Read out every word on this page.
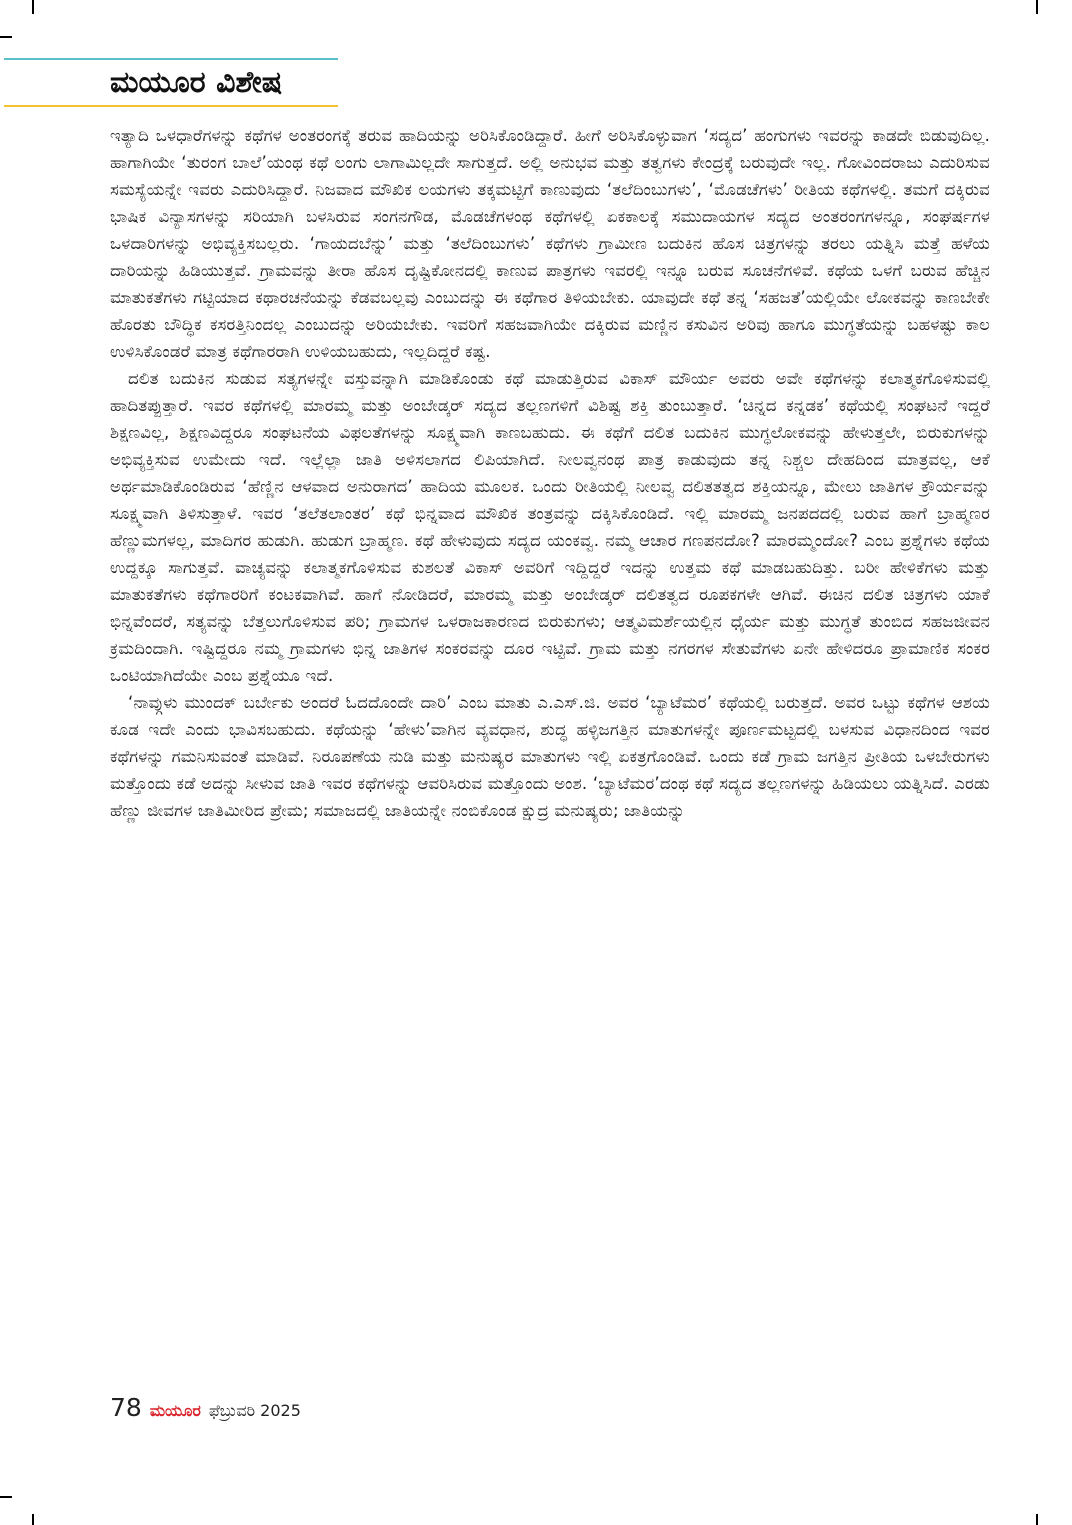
ಮಯೂರ ವಿಶೇಷ

ಇತ್ಯಾದಿ ಒಳಧಾರೆಗಳನ್ನು ಕಥೆಗಳ ಅಂತರಂಗಕ್ಕೆ ತರುವ ಹಾದಿಯನ್ನು ಅರಿಸಿಕೊಂಡಿದ್ದಾರೆ. ಹೀಗೆ ಅರಿಸಿಕೊಳ್ಳುವಾಗ ‘ಸದ್ಯದ’ ಹಂಗುಗಳು ಇವರನ್ನು ಕಾಡದೇ ಬಿಡುವುದಿಲ್ಲ. ಹಾಗಾಗಿಯೇ ‘ತುರಂಗ ಬಾಲೆ’ಯಂಥ ಕಥೆ ಲಂಗು ಲಾಗಾಮಿಲ್ಲದೇ ಸಾಗುತ್ತದೆ. ಅಲ್ಲಿ ಅನುಭವ ಮತ್ತು ತತ್ವಗಳು ಕೇಂದ್ರಕ್ಕೆ ಬರುವುದೇ ಇಲ್ಲ. ಗೋವಿಂದರಾಜು ಎದುರಿಸುವ ಸಮಸ್ಯೆಯನ್ನೇ ಇವರು ಎದುರಿಸಿದ್ದಾರೆ. ನಿಜವಾದ ಮೌಖಿಕ ಲಯಗಳು ತಕ್ಕಮಟ್ಟಿಗೆ ಕಾಣುವುದು ‘ತಲೆದಿಂಬುಗಳು’, ‘ಮೊಡಚೆಗಳು’ ರೀತಿಯ ಕಥೆಗಳಲ್ಲಿ. ತಮಗೆ ದಕ್ಕಿರುವ ಭಾಷಿಕ ವಿನ್ಯಾಸಗಳನ್ನು ಸರಿಯಾಗಿ ಬಳಸಿರುವ ಸಂಗನಗೌಡ, ಮೊಡಚೆಗಳಂಥ ಕಥೆಗಳಲ್ಲಿ ಏಕಕಾಲಕ್ಕೆ ಸಮುದಾಯಗಳ ಸದ್ಯದ ಅಂತರಂಗಗಳನ್ನೂ, ಸಂಘರ್ಷಗಳ ಒಳದಾರಿಗಳನ್ನು ಅಭಿವ್ಯಕ್ತಿಸಬಲ್ಲರು. ‘ಗಾಯದಬೆನ್ನು’ ಮತ್ತು ‘ತಲೆದಿಂಬುಗಳು’ ಕಥೆಗಳು ಗ್ರಾಮೀಣ ಬದುಕಿನ ಹೊಸ ಚಿತ್ರಗಳನ್ನು ತರಲು ಯತ್ನಿಸಿ ಮತ್ತೆ ಹಳೆಯ ದಾರಿಯನ್ನು ಹಿಡಿಯುತ್ತವೆ. ಗ್ರಾಮವನ್ನು ತೀರಾ ಹೊಸ ದೃಷ್ಟಿಕೋನದಲ್ಲಿ ಕಾಣುವ ಪಾತ್ರಗಳು ಇವರಲ್ಲಿ ಇನ್ನೂ ಬರುವ ಸೂಚನೆಗಳಿವೆ. ಕಥೆಯ ಒಳಗೆ ಬರುವ ಹೆಚ್ಚಿನ ಮಾತುಕತೆಗಳು ಗಟ್ಟಿಯಾದ ಕಥಾರಚನೆಯನ್ನು ಕೆಡವಬಲ್ಲವು ಎಂಬುದನ್ನು ಈ ಕಥೆಗಾರ ತಿಳಿಯಬೇಕು. ಯಾವುದೇ ಕಥೆ ತನ್ನ ‘ಸಹಜತೆ’ಯಲ್ಲಿಯೇ ಲೋಕವನ್ನು ಕಾಣಬೇಕೇ ಹೊರತು ಬೌದ್ಧಿಕ ಕಸರತ್ತಿನಿಂದಲ್ಲ ಎಂಬುದನ್ನು ಅರಿಯಬೇಕು. ಇವರಿಗೆ ಸಹಜವಾಗಿಯೇ ದಕ್ಕಿರುವ ಮಣ್ಣಿನ ಕಸುವಿನ ಅರಿವು ಹಾಗೂ ಮುಗ್ಧತೆಯನ್ನು ಬಹಳಷ್ಟು ಕಾಲ ಉಳಿಸಿಕೊಂಡರೆ ಮಾತ್ರ ಕಥೆಗಾರರಾಗಿ ಉಳಿಯಬಹುದು, ಇಲ್ಲದಿದ್ದರೆ ಕಷ್ಟ.

ದಲಿತ ಬದುಕಿನ ಸುಡುವ ಸತ್ಯಗಳನ್ನೇ ವಸ್ತುವನ್ನಾಗಿ ಮಾಡಿಕೊಂಡು ಕಥೆ ಮಾಡುತ್ತಿರುವ ವಿಕಾಸ್ ಮೌರ್ಯ ಅವರು ಅವೇ ಕಥೆಗಳನ್ನು ಕಲಾತ್ಮಕಗೊಳಿಸುವಲ್ಲಿ ಹಾದಿತಪ್ಪುತ್ತಾರೆ. ಇವರ ಕಥೆಗಳಲ್ಲಿ ಮಾರಮ್ಮ ಮತ್ತು ಅಂಬೇಡ್ಕರ್ ಸದ್ಯದ ತಲ್ಲಣಗಳಿಗೆ ವಿಶಿಷ್ಟ ಶಕ್ತಿ ತುಂಬುತ್ತಾರೆ. ‘ಚಿನ್ನದ ಕನ್ನಡಕ’ ಕಥೆಯಲ್ಲಿ ಸಂಘಟನೆ ಇದ್ದರೆ ಶಿಕ್ಷಣವಿಲ್ಲ, ಶಿಕ್ಷಣವಿದ್ದರೂ ಸಂಘಟನೆಯ ವಿಫಲತೆಗಳನ್ನು ಸೂಕ್ಷ್ಮವಾಗಿ ಕಾಣಬಹುದು. ಈ ಕಥೆಗೆ ದಲಿತ ಬದುಕಿನ ಮುಗ್ಧಲೋಕವನ್ನು ಹೇಳುತ್ತಲೇ, ಬಿರುಕುಗಳನ್ನು ಅಭಿವ್ಯಕ್ತಿಸುವ ಉಮೇದು ಇದೆ. ಇಲ್ಲೆಲ್ಲಾ ಜಾತಿ ಅಳಿಸಲಾಗದ ಲಿಪಿಯಾಗಿದೆ. ನೀಲವ್ವನಂಥ ಪಾತ್ರ ಕಾಡುವುದು ತನ್ನ ನಿಶ್ಚಲ ದೇಹದಿಂದ ಮಾತ್ರವಲ್ಲ, ಆಕೆ ಅರ್ಥಮಾಡಿಕೊಂಡಿರುವ ‘ಹೆಣ್ಣಿನ ಆಳವಾದ ಅನುರಾಗದ’ ಹಾದಿಯ ಮೂಲಕ. ಒಂದು ರೀತಿಯಲ್ಲಿ ನೀಲವ್ವ ದಲಿತತತ್ವದ ಶಕ್ತಿಯನ್ನೂ, ಮೇಲು ಜಾತಿಗಳ ಕ್ರೌರ್ಯವನ್ನು ಸೂಕ್ಷ್ಮವಾಗಿ ತಿಳಿಸುತ್ತಾಳೆ. ಇವರ ‘ತಲೆತಲಾಂತರ’ ಕಥೆ ಭಿನ್ನವಾದ ಮೌಖಿಕ ತಂತ್ರವನ್ನು ದಕ್ಕಿಸಿಕೊಂಡಿದೆ. ಇಲ್ಲಿ ಮಾರಮ್ಮ ಜನಪದದಲ್ಲಿ ಬರುವ ಹಾಗೆ ಬ್ರಾಹ್ಮಣರ ಹೆಣ್ಣುಮಗಳಲ್ಲ, ಮಾದಿಗರ ಹುಡುಗಿ. ಹುಡುಗ ಬ್ರಾಹ್ಮಣ. ಕಥೆ ಹೇಳುವುದು ಸದ್ಯದ ಯಂಕವ್ವ. ನಮ್ಮ ಆಚಾರ ಗಣಪನದೋ? ಮಾರಮ್ಮಂದೋ? ಎಂಬ ಪ್ರಶ್ನೆಗಳು ಕಥೆಯ ಉದ್ದಕ್ಕೂ ಸಾಗುತ್ತವೆ. ವಾಚ್ಯವನ್ನು ಕಲಾತ್ಮಕಗೊಳಿಸುವ ಕುಶಲತೆ ವಿಕಾಸ್ ಅವರಿಗೆ ಇದ್ದಿದ್ದರೆ ಇದನ್ನು ಉತ್ತಮ ಕಥೆ ಮಾಡಬಹುದಿತ್ತು. ಬರೀ ಹೇಳಿಕೆಗಳು ಮತ್ತು ಮಾತುಕತೆಗಳು ಕಥೆಗಾರರಿಗೆ ಕಂಟಕವಾಗಿವೆ. ಹಾಗೆ ನೋಡಿದರೆ, ಮಾರಮ್ಮ ಮತ್ತು ಅಂಬೇಡ್ಕರ್ ದಲಿತತ್ವದ ರೂಪಕಗಳೇ ಆಗಿವೆ. ಈಚಿನ ದಲಿತ ಚಿತ್ರಗಳು ಯಾಕೆ ಭಿನ್ನವೆಂದರೆ, ಸತ್ಯವನ್ನು ಬೆತ್ತಲುಗೊಳಿಸುವ ಪರಿ; ಗ್ರಾಮಗಳ ಒಳರಾಜಕಾರಣದ ಬಿರುಕುಗಳು; ಆತ್ಮವಿಮರ್ಶೆಯಲ್ಲಿನ ಧೈರ್ಯ ಮತ್ತು ಮುಗ್ಧತೆ ತುಂಬಿದ ಸಹಜಜೀವನ ಕ್ರಮದಿಂದಾಗಿ. ಇಷ್ಟಿದ್ದರೂ ನಮ್ಮ ಗ್ರಾಮಗಳು ಭಿನ್ನ ಜಾತಿಗಳ ಸಂಕರವನ್ನು ದೂರ ಇಟ್ಟಿವೆ. ಗ್ರಾಮ ಮತ್ತು ನಗರಗಳ ಸೇತುವೆಗಳು ಏನೇ ಹೇಳಿದರೂ ಪ್ರಾಮಾಣಿಕ ಸಂಕರ ಒಂಟಿಯಾಗಿದೆಯೇ ಎಂಬ ಪ್ರಶ್ನೆಯೂ ಇದೆ.

‘ನಾವ್ಗುಳು ಮುಂದಕ್ ಬರ್ಬೇಕು ಅಂದರೆ ಓದದೊಂದೇ ದಾರಿ’ ಎಂಬ ಮಾತು ಎ.ಎಸ್.ಜಿ. ಅವರ ‘ಬ್ಯಾಟೆಮರ’ ಕಥೆಯಲ್ಲಿ ಬರುತ್ತದೆ. ಅವರ ಒಟ್ಟು ಕಥೆಗಳ ಆಶಯ ಕೂಡ ಇದೇ ಎಂದು ಭಾವಿಸಬಹುದು. ಕಥೆಯನ್ನು ‘ಹೇಳು’ವಾಗಿನ ವ್ಯವಧಾನ, ಶುದ್ಧ ಹಳ್ಳಿಜಗತ್ತಿನ ಮಾತುಗಳನ್ನೇ ಪೂರ್ಣಮಟ್ಟದಲ್ಲಿ ಬಳಸುವ ವಿಧಾನದಿಂದ ಇವರ ಕಥೆಗಳನ್ನು ಗಮನಿಸುವಂತೆ ಮಾಡಿವೆ. ನಿರೂಪಣೆಯ ನುಡಿ ಮತ್ತು ಮನುಷ್ಯರ ಮಾತುಗಳು ಇಲ್ಲಿ ಏಕತ್ರಗೊಂಡಿವೆ. ಒಂದು ಕಡೆ ಗ್ರಾಮ ಜಗತ್ತಿನ ಪ್ರೀತಿಯ ಒಳಬೇರುಗಳು ಮತ್ತೊಂದು ಕಡೆ ಅದನ್ನು ಸೀಳುವ ಜಾತಿ ಇವರ ಕಥೆಗಳನ್ನು ಆವರಿಸಿರುವ ಮತ್ತೊಂದು ಅಂಶ. ‘ಬ್ಯಾಟೆಮರ’ದಂಥ ಕಥೆ ಸದ್ಯದ ತಲ್ಲಣಗಳನ್ನು ಹಿಡಿಯಲು ಯತ್ನಿಸಿದೆ. ಎರಡು ಹೆಣ್ಣು ಜೀವಗಳ ಜಾತಿಮೀರಿದ ಪ್ರೇಮ; ಸಮಾಜದಲ್ಲಿ ಜಾತಿಯನ್ನೇ ನಂಬಿಕೊಂಡ ಕ್ಷುದ್ರ ಮನುಷ್ಯರು; ಜಾತಿಯನ್ನು

78 ಮಯೂರ ಫೆಬ್ರುವರಿ 2025
